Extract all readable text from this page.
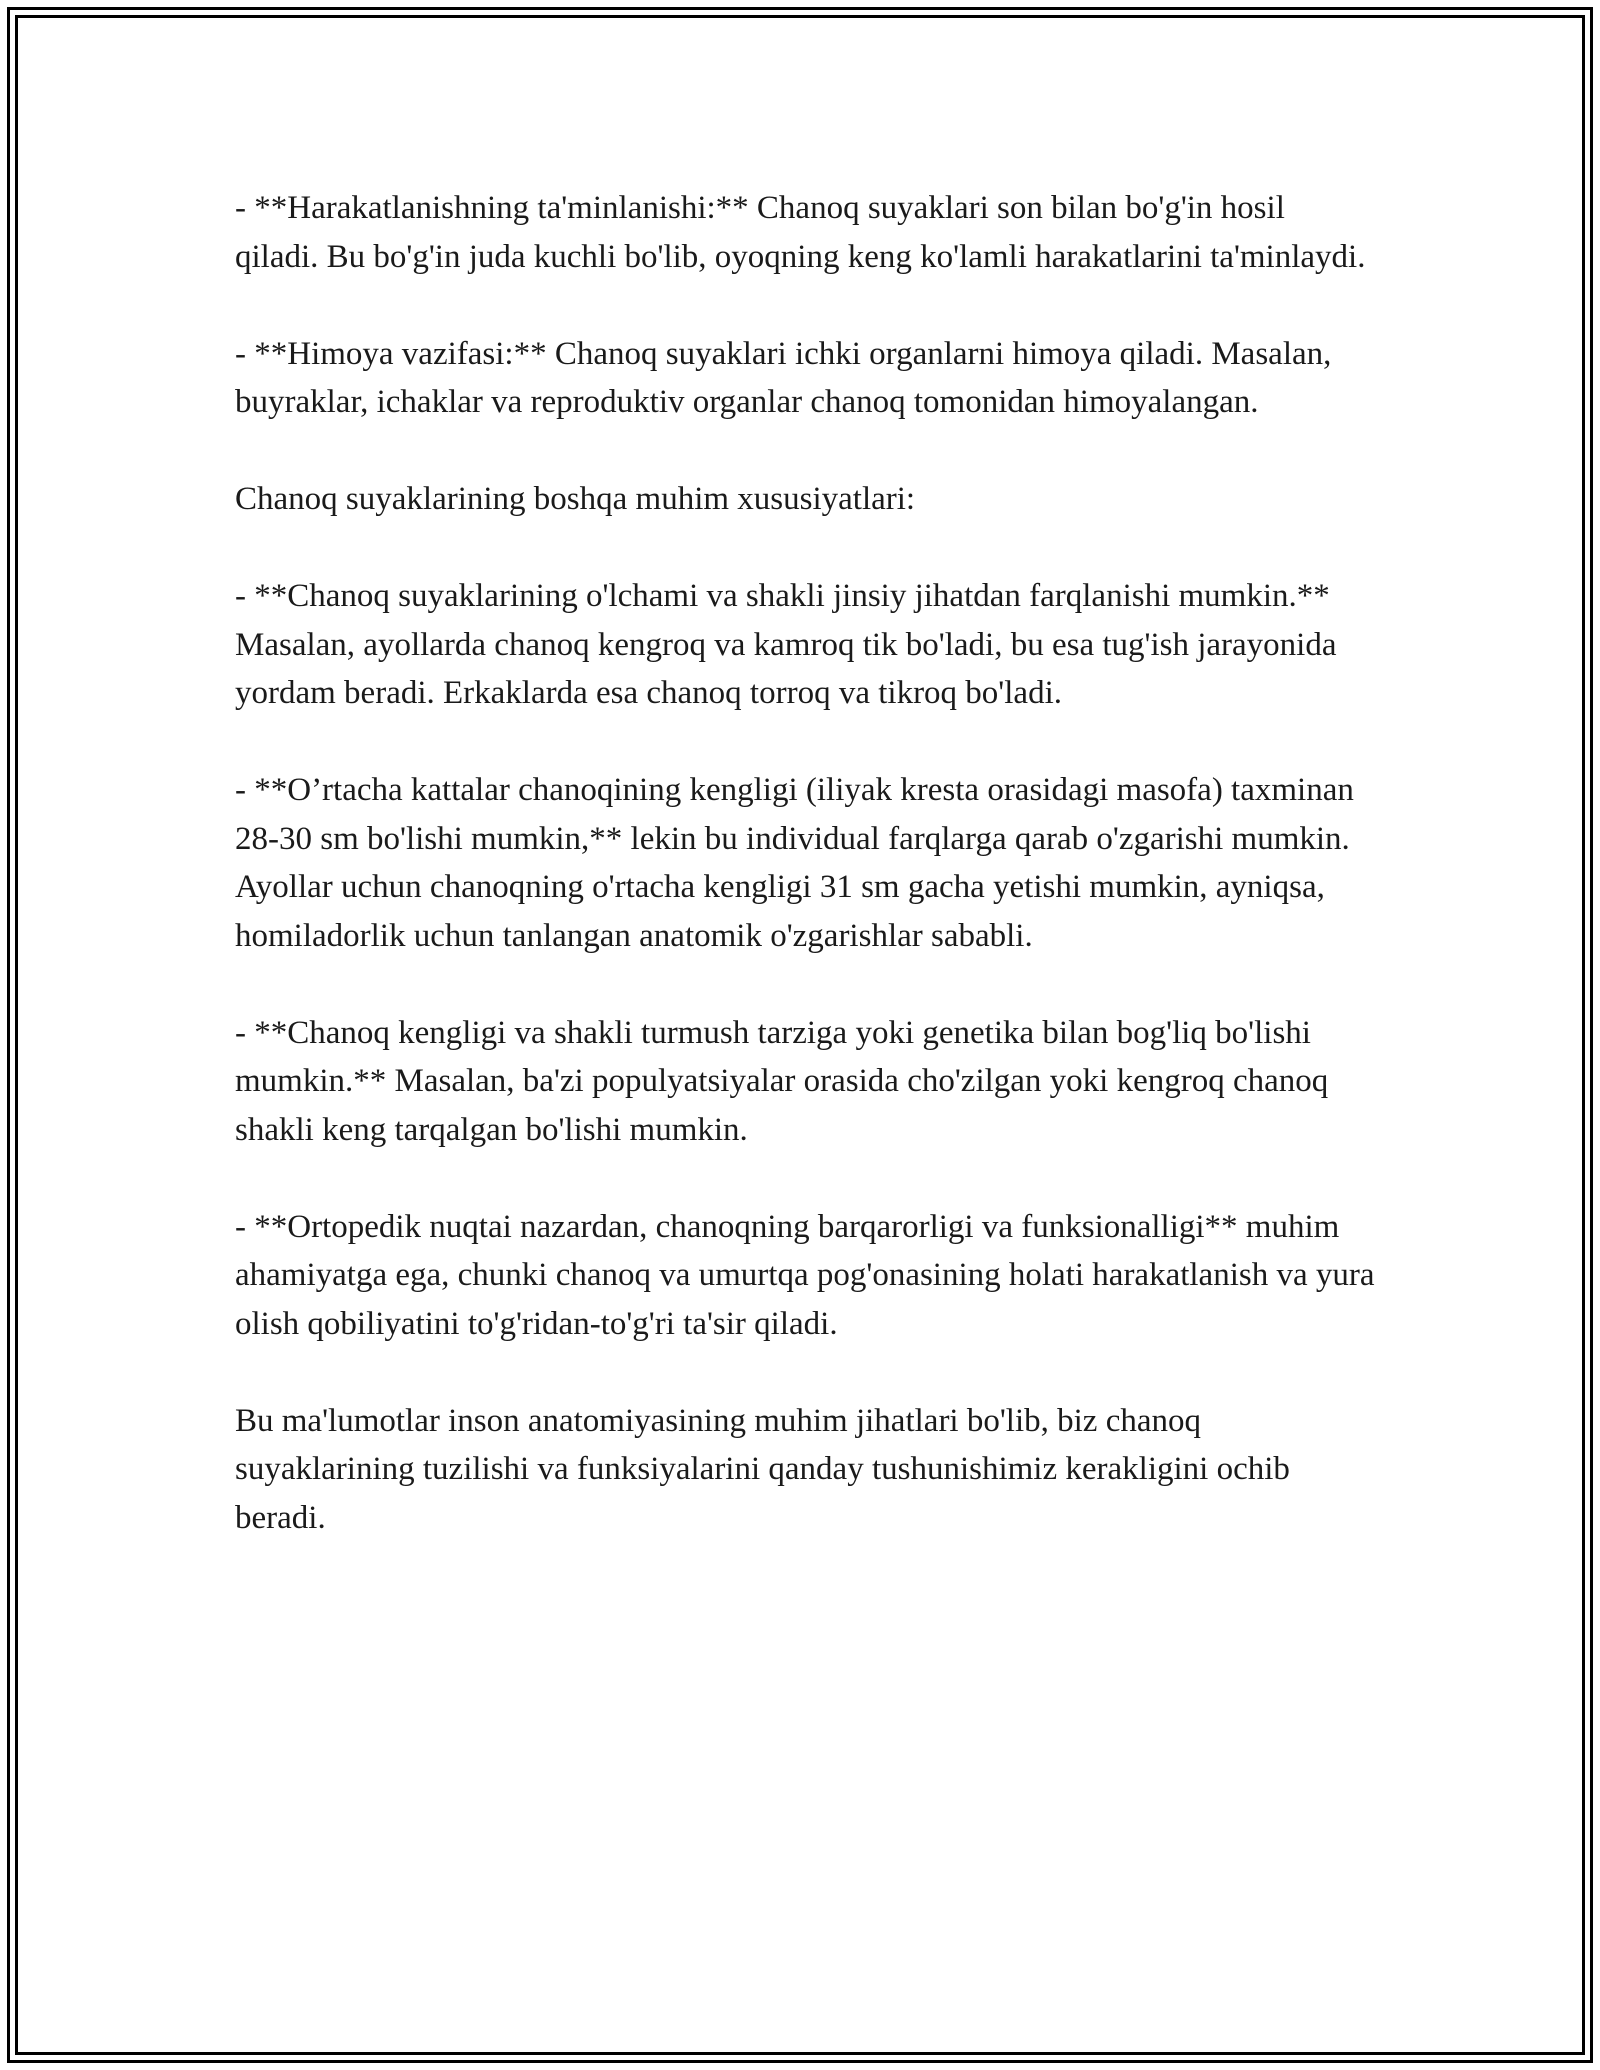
- **Harakatlanishning ta'minlanishi:** Chanoq suyaklari son bilan bo'g'in hosil qiladi. Bu bo'g'in juda kuchli bo'lib, oyoqning keng ko'lamli harakatlarini ta'minlaydi.

- **Himoya vazifasi:** Chanoq suyaklari ichki organlarni himoya qiladi. Masalan, buyraklar, ichaklar va reproduktiv organlar chanoq tomonidan himoyalangan.

Chanoq suyaklarining boshqa muhim xususiyatlari:

- **Chanoq suyaklarining o'lchami va shakli jinsiy jihatdan farqlanishi mumkin.** Masalan, ayollarda chanoq kengroq va kamroq tik bo'ladi, bu esa tug'ish jarayonida yordam beradi. Erkaklarda esa chanoq torroq va tikroq bo'ladi.

- **O’rtacha kattalar chanoqining kengligi (iliyak kresta orasidagi masofa) taxminan 28-30 sm bo'lishi mumkin,** lekin bu individual farqlarga qarab o'zgarishi mumkin. Ayollar uchun chanoqning o'rtacha kengligi 31 sm gacha yetishi mumkin, ayniqsa, homiladorlik uchun tanlangan anatomik o'zgarishlar sababli.

- **Chanoq kengligi va shakli turmush tarziga yoki genetika bilan bog'liq bo'lishi mumkin.** Masalan, ba'zi populyatsiyalar orasida cho'zilgan yoki kengroq chanoq shakli keng tarqalgan bo'lishi mumkin.

- **Ortopedik nuqtai nazardan, chanoqning barqarorligi va funksionalligi** muhim ahamiyatga ega, chunki chanoq va umurtqa pog'onasining holati harakatlanish va yura olish qobiliyatini to'g'ridan-to'g'ri ta'sir qiladi.

Bu ma'lumotlar inson anatomiyasining muhim jihatlari bo'lib, biz chanoq suyaklarining tuzilishi va funksiyalarini qanday tushunishimiz kerakligini ochib beradi.
